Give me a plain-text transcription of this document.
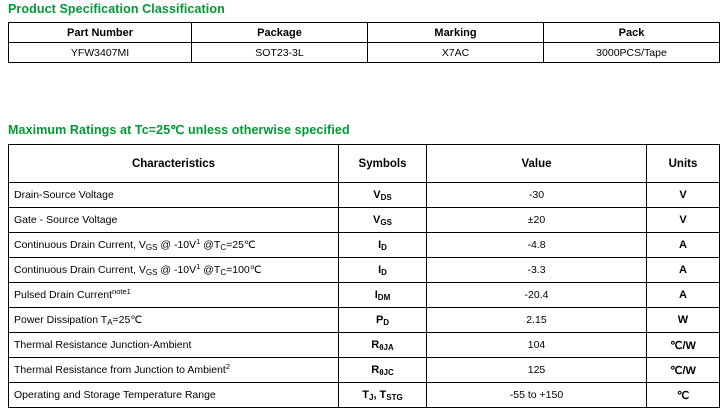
Product Specification Classification
Part Number	Package	Marking	Pack
YFW3407MI	SOT23-3L	X7AC	3000PCS/Tape
Maximum Ratings at Tc=25℃ unless otherwise specified
Characteristics	Symbols	Value	Units
Drain-Source Voltage	$V_{DS}$	-30	V
Gate - Source Voltage	$V_{GS}$	±20	V
Continuous Drain Current, $V_{GS}$ @ $-10V^1$ $@T_C=25℃$	$I_D$	-4.8	A
Continuous Drain Current, $V_{GS}$ @ $-10V^1$ $@T_C=100℃$	$I_D$	-3.3	A
Pulsed Drain Current$^{note1}$	$I_{DM}$	-20.4	A
Power Dissipation $T_A=25℃$	$P_D$	2.15	W
Thermal Resistance Junction-Ambient	$R_{\theta JA}$	104	℃/W
Thermal Resistance from Junction to Ambient$^2$	$R_{\theta JC}$	125	℃/W
Operating and Storage Temperature Range	$T_J$, $T_{STG}$	-55 to +150	℃
